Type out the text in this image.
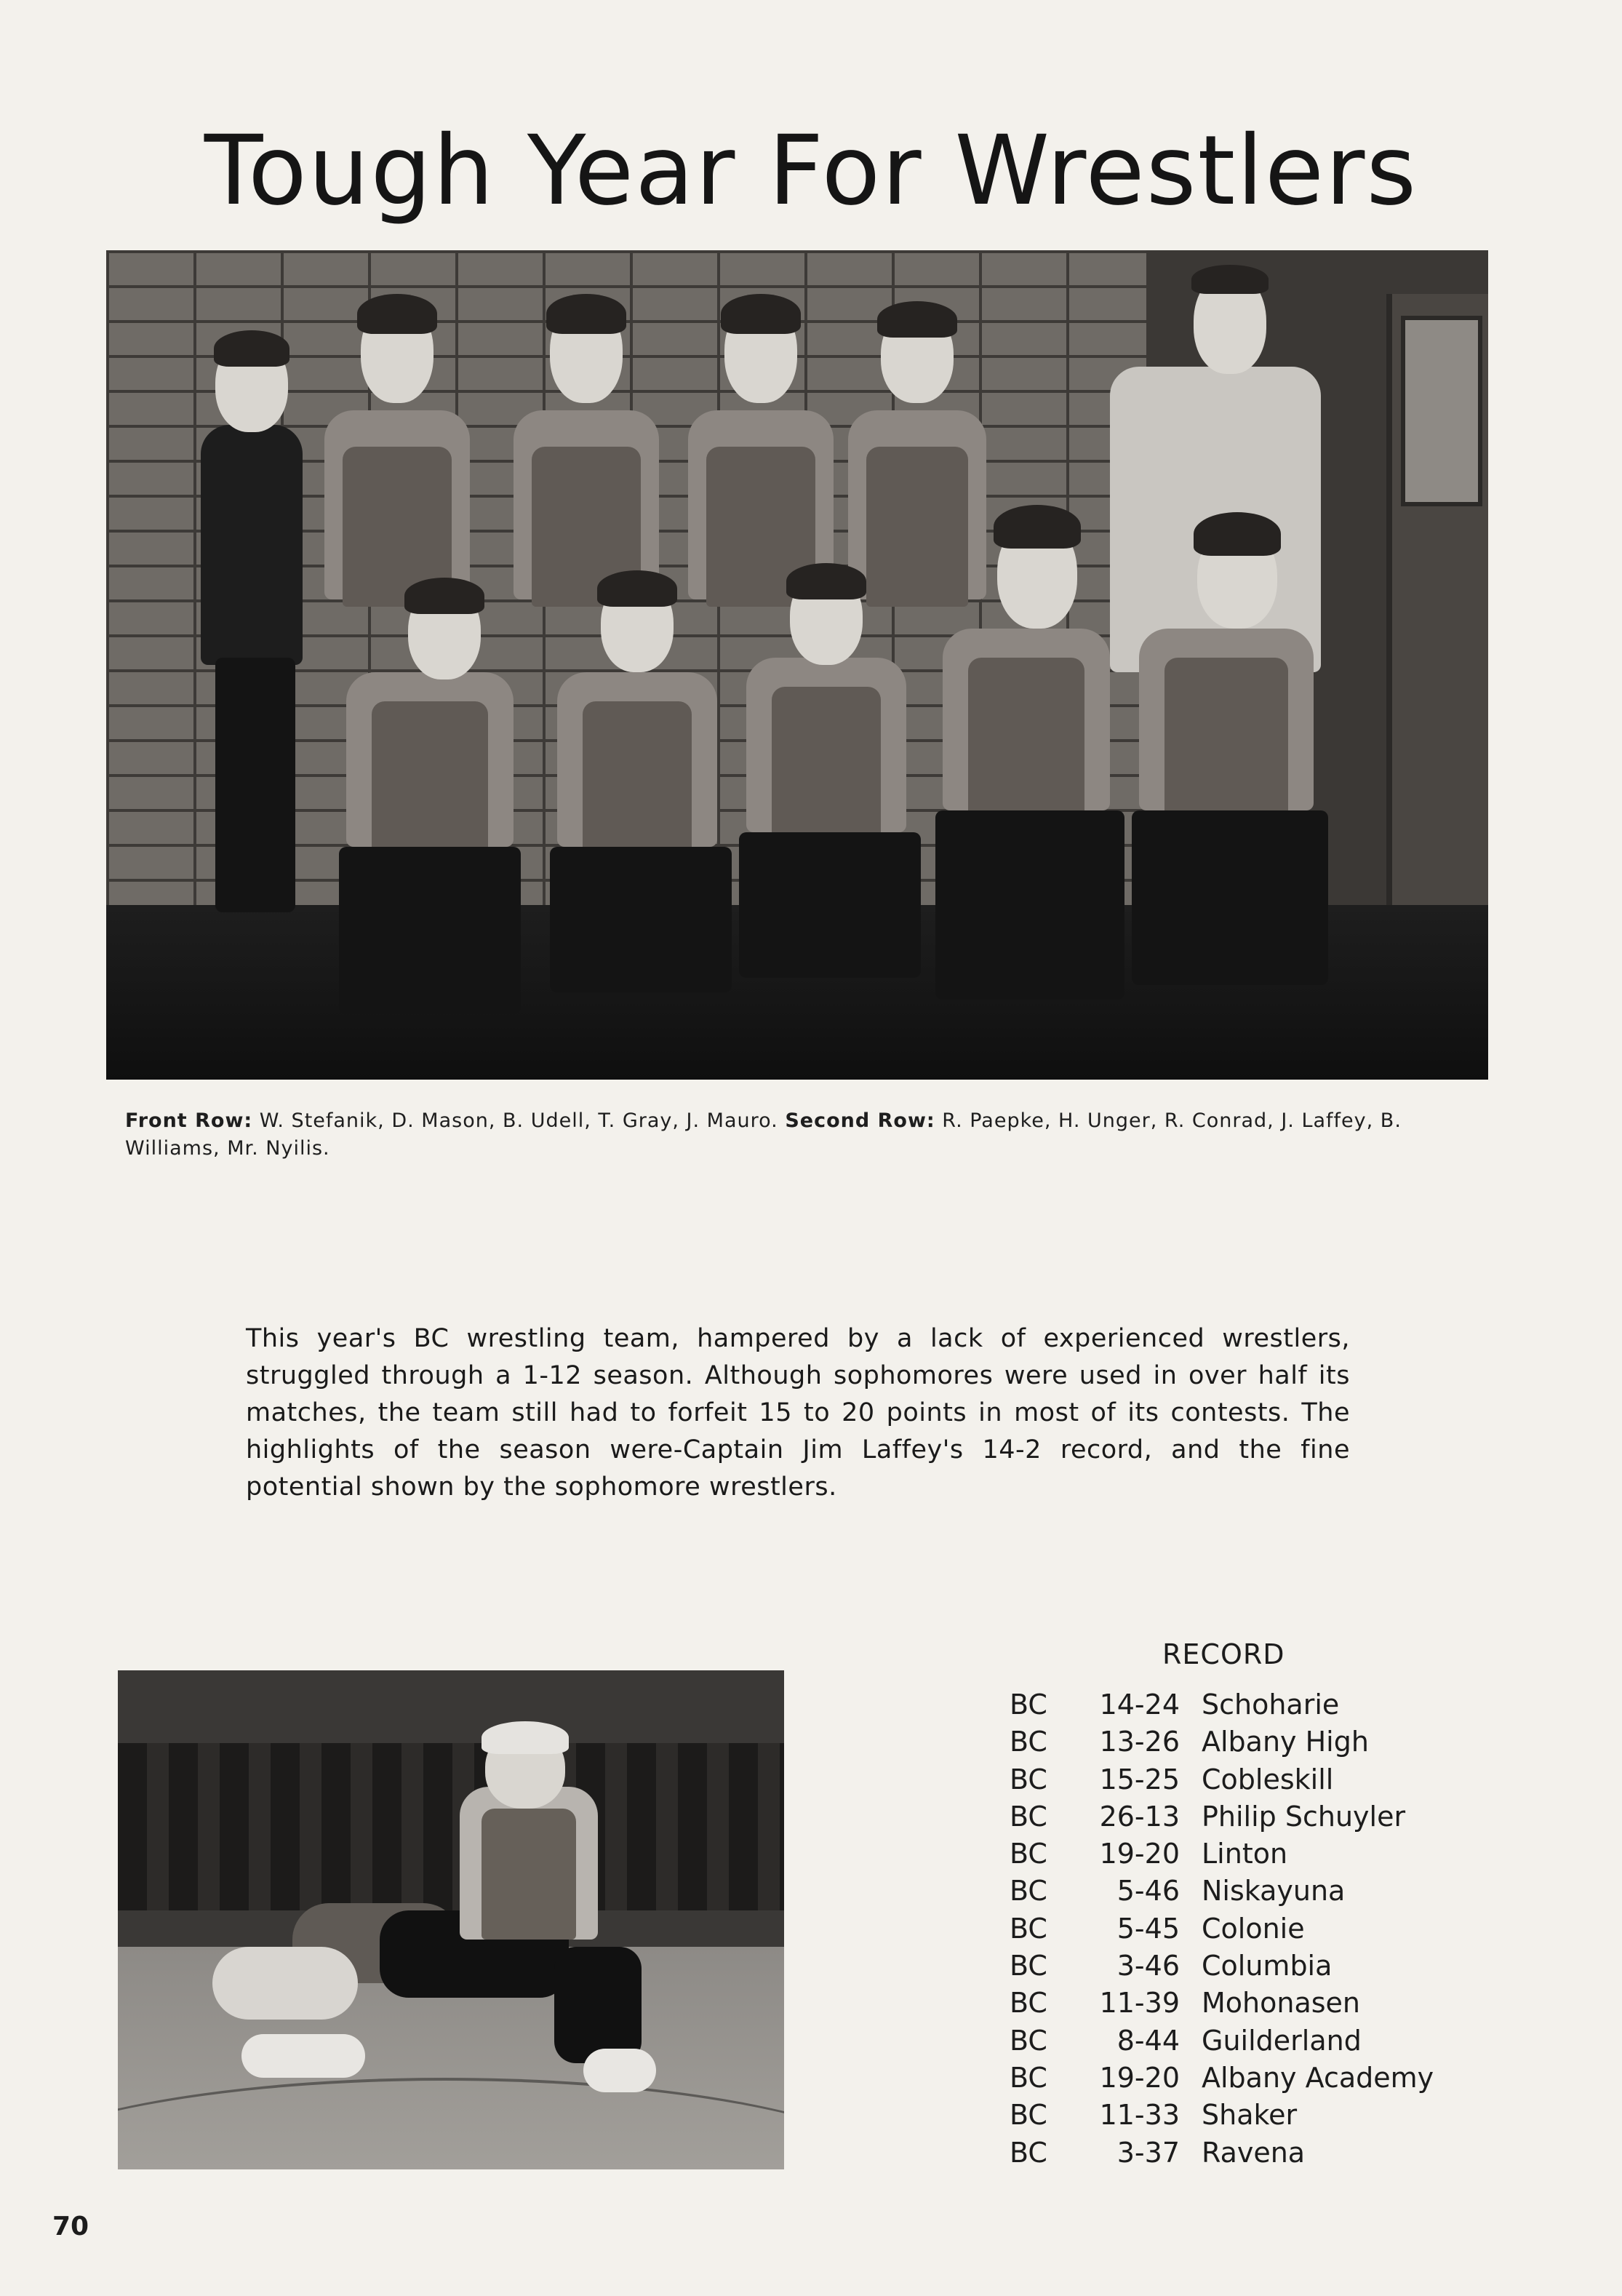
Tough Year For Wrestlers
Front Row: W. Stefanik, D. Mason, B. Udell, T. Gray, J. Mauro. Second Row: R. Paepke, H. Unger, R. Conrad, J. Laffey, B. Williams, Mr. Nyilis.

This year's BC wrestling team, hampered by a lack of experienced wrestlers, struggled through a 1-12 season. Although sophomores were used in over half its matches, the team still had to forfeit 15 to 20 points in most of its contests. The highlights of the season were-Captain Jim Laffey's 14-2 record, and the fine potential shown by the sophomore wrestlers.

RECORD
BC	14-24 Schoharie
BC	13-26 Albany High
BC	15-25 Cobleskill
BC	26-13 Philip Schuyler
BC	19-20 Linton
BC	5-46 Niskayuna
BC	5-45 Colonie
BC	3-46 Columbia
BC	11-39 Mohonasen
BC	8-44 Guilderland
BC	19-20 Albany Academy
BC	11-33 Shaker
BC	3-37 Ravena
70
